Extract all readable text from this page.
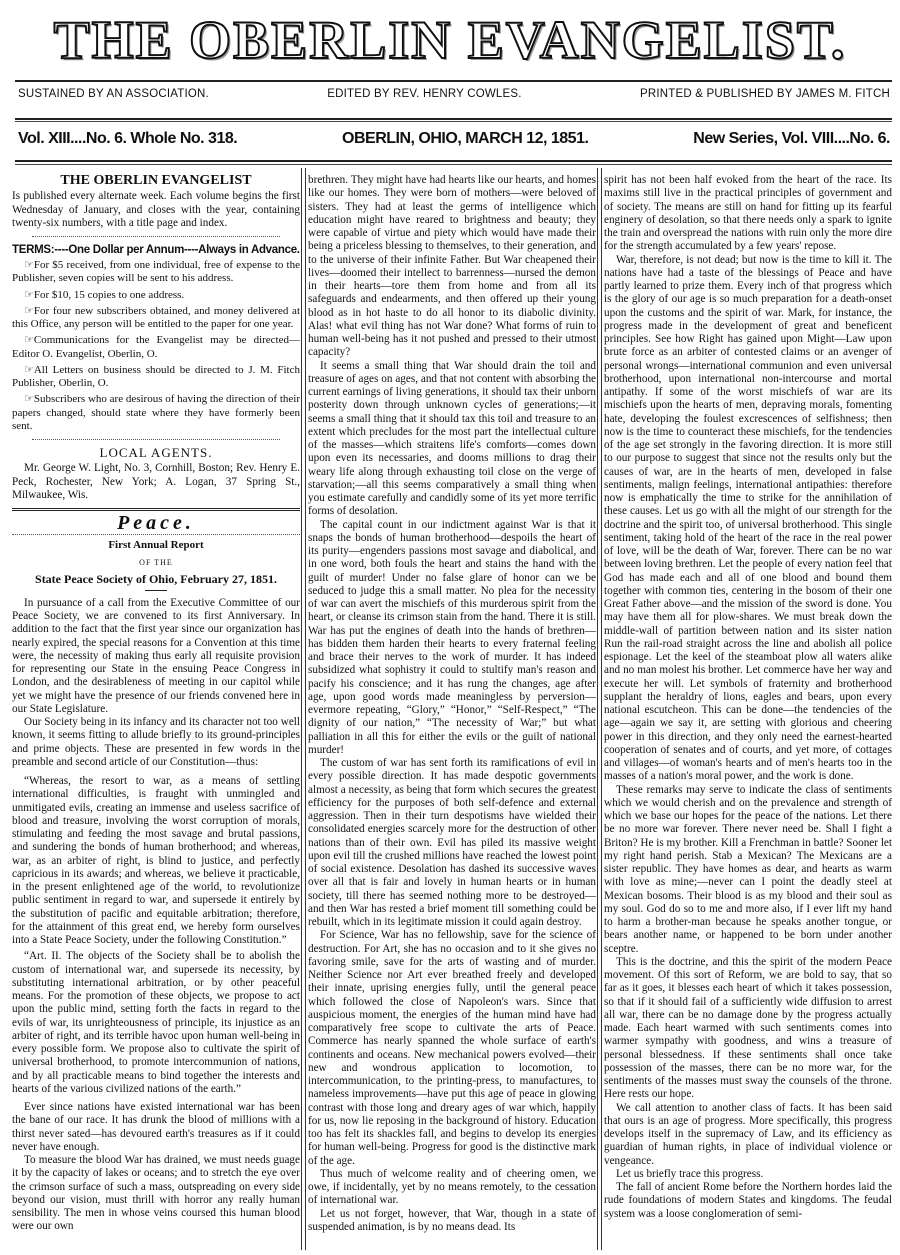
THE OBERLIN EVANGELIST.
SUSTAINED BY AN ASSOCIATION.	EDITED BY REV. HENRY COWLES.	PRINTED & PUBLISHED BY JAMES M. FITCH
Vol. XIII....No. 6. Whole No. 318.	OBERLIN, OHIO, MARCH 12, 1851.	New Series, Vol. VIII....No. 6.
THE OBERLIN EVANGELIST

Is published every alternate week. Each volume begins the first Wednesday of January, and closes with the year, containing twenty-six numbers, with a title page and index.

TERMS:----One Dollar per Annum----Always in Advance.

☞For $5 received, from one individual, free of expense to the Publisher, seven copies will be sent to his address.

☞For $10, 15 copies to one address.

☞For four new subscribers obtained, and money delivered at this Office, any person will be entitled to the paper for one year.

☞Communications for the Evangelist may be directed—Editor O. Evangelist, Oberlin, O.

☞All Letters on business should be directed to J. M. Fitch Publisher, Oberlin, O.

☞Subscribers who are desirous of having the direction of their papers changed, should state where they have formerly been sent.

LOCAL AGENTS.

Mr. George W. Light, No. 3, Cornhill, Boston; Rev. Henry E. Peck, Rochester, New York; A. Logan, 37 Spring St., Milwaukee, Wis.

Peace.
First Annual Report
OF THE
State Peace Society of Ohio, February 27, 1851.

In pursuance of a call from the Executive Committee of our Peace Society, we are convened to its first Anniversary. In addition to the fact that the first year since our organization has nearly expired, the special reasons for a Convention at this time were, the necessity of making thus early all requisite provision for representing our State in the ensuing Peace Congress in London, and the desirableness of meeting in our capitol while yet we might have the presence of our friends convened here in our State Legislature.

Our Society being in its infancy and its character not too well known, it seems fitting to allude briefly to its ground-principles and prime objects. These are presented in few words in the preamble and second article of our Constitution—thus:

“Whereas, the resort to war, as a means of settling international difficulties, is fraught with unmingled and unmitigated evils, creating an immense and useless sacrifice of blood and treasure, involving the worst corruption of morals, stimulating and feeding the most savage and brutal passions, and sundering the bonds of human brotherhood; and whereas, war, as an arbiter of right, is blind to justice, and perfectly capricious in its awards; and whereas, we believe it practicable, in the present enlightened age of the world, to revolutionize public sentiment in regard to war, and supersede it entirely by the substitution of pacific and equitable arbitration; therefore, for the attainment of this great end, we hereby form ourselves into a State Peace Society, under the following Constitution.”

“Art. II. The objects of the Society shall be to abolish the custom of international war, and supersede its necessity, by substituting international arbitration, or by other peaceful means. For the promotion of these objects, we propose to act upon the public mind, setting forth the facts in regard to the evils of war, its unrighteousness of principle, its injustice as an arbiter of right, and its terrible havoc upon human well-being in every possible form. We propose also to cultivate the spirit of universal brotherhood, to promote intercommunion of nations, and by all practicable means to bind together the interests and hearts of the various civilized nations of the earth.”

Ever since nations have existed international war has been the bane of our race. It has drunk the blood of millions with a thirst never sated—has devoured earth's treasures as if it could never have enough.

To measure the blood War has drained, we must needs guage it by the capacity of lakes or oceans; and to stretch the eye over the crimson surface of such a mass, outspreading on every side beyond our vision, must thrill with horror any really human sensibility. The men in whose veins coursed this human blood were our own

brethren. They might have had hearts like our hearts, and homes like our homes. They were born of mothers—were beloved of sisters. They had at least the germs of intelligence which education might have reared to brightness and beauty; they were capable of virtue and piety which would have made their being a priceless blessing to themselves, to their generation, and to the universe of their infinite Father. But War cheapened their lives—doomed their intellect to barrenness—nursed the demon in their hearts—tore them from home and from all its safeguards and endearments, and then offered up their young blood as in hot haste to do all honor to its diabolic divinity. Alas! what evil thing has not War done? What forms of ruin to human well-being has it not pushed and pressed to their utmost capacity?

It seems a small thing that War should drain the toil and treasure of ages on ages, and that not content with absorbing the current earnings of living generations, it should tax their unborn posterity down through unknown cycles of generations;—it seems a small thing that it should tax this toil and treasure to an extent which precludes for the most part the intellectual culture of the masses—which straitens life's comforts—comes down upon even its necessaries, and dooms millions to drag their weary life along through exhausting toil close on the verge of starvation;—all this seems comparatively a small thing when you estimate carefully and candidly some of its yet more terrific forms of desolation.

The capital count in our indictment against War is that it snaps the bonds of human brotherhood—despoils the heart of its purity—engenders passions most savage and diabolical, and in one word, both fouls the heart and stains the hand with the guilt of murder! Under no false glare of honor can we be seduced to judge this a small matter. No plea for the necessity of war can avert the mischiefs of this murderous spirit from the heart, or cleanse its crimson stain from the hand. There it is still. War has put the engines of death into the hands of brethren—has bidden them harden their hearts to every fraternal feeling and brace their nerves to the work of murder. It has indeed subsidized what sophistry it could to stultify man's reason and pacify his conscience; and it has rung the changes, age after age, upon good words made meaningless by perversion—evermore repeating, “Glory,” “Honor,” “Self-Respect,” “The dignity of our nation,” “The necessity of War;” but what palliation in all this for either the evils or the guilt of national murder!

The custom of war has sent forth its ramifications of evil in every possible direction. It has made despotic governments almost a necessity, as being that form which secures the greatest efficiency for the purposes of both self-defence and external aggression. Then in their turn despotisms have wielded their consolidated energies scarcely more for the destruction of other nations than of their own. Evil has piled its massive weight upon evil till the crushed millions have reached the lowest point of social existence. Desolation has dashed its successive waves over all that is fair and lovely in human hearts or in human society, till there has seemed nothing more to be destroyed—and then War has rested a brief moment till something could be rebuilt, which in its legitimate mission it could again destroy.

For Science, War has no fellowship, save for the science of destruction. For Art, she has no occasion and to it she gives no favoring smile, save for the arts of wasting and of murder. Neither Science nor Art ever breathed freely and developed their innate, uprising energies fully, until the general peace which followed the close of Napoleon's wars. Since that auspicious moment, the energies of the human mind have had comparatively free scope to cultivate the arts of Peace. Commerce has nearly spanned the whole surface of earth's continents and oceans. New mechanical powers evolved—their new and wondrous application to locomotion, to intercommunication, to the printing-press, to manufactures, to nameless improvements—have put this age of peace in glowing contrast with those long and dreary ages of war which, happily for us, now lie reposing in the background of history. Education too has felt its shackles fall, and begins to develop its energies for human well-being. Progress for good is the distinctive mark of the age.

Thus much of welcome reality and of cheering omen, we owe, if incidentally, yet by no means remotely, to the cessation of international war.

Let us not forget, however, that War, though in a state of suspended animation, is by no means dead. Its

spirit has not been half evoked from the heart of the race. Its maxims still live in the practical principles of government and of society. The means are still on hand for fitting up its fearful enginery of desolation, so that there needs only a spark to ignite the train and overspread the nations with ruin only the more dire for the strength accumulated by a few years' repose.

War, therefore, is not dead; but now is the time to kill it. The nations have had a taste of the blessings of Peace and have partly learned to prize them. Every inch of that progress which is the glory of our age is so much preparation for a death-onset upon the customs and the spirit of war. Mark, for instance, the progress made in the development of great and beneficent principles. See how Right has gained upon Might—Law upon brute force as an arbiter of contested claims or an avenger of personal wrongs—international communion and even universal brotherhood, upon international non-intercourse and mortal antipathy. If some of the worst mischiefs of war are its mischiefs upon the hearts of men, depraving morals, fomenting hate, developing the foulest excrescences of selfishness; then now is the time to counteract these mischiefs, for the tendencies of the age set strongly in the favoring direction. It is more still to our purpose to suggest that since not the results only but the causes of war, are in the hearts of men, developed in false sentiments, malign feelings, international antipathies: therefore now is emphatically the time to strike for the annihilation of these causes. Let us go with all the might of our strength for the doctrine and the spirit too, of universal brotherhood. This single sentiment, taking hold of the heart of the race in the real power of love, will be the death of War, forever. There can be no war between loving brethren. Let the people of every nation feel that God has made each and all of one blood and bound them together with common ties, centering in the bosom of their one Great Father above—and the mission of the sword is done. You may have them all for plow-shares. We must break down the middle-wall of partition between nation and its sister nation Run the rail-road straight across the line and abolish all police espionage. Let the keel of the steamboat plow all waters alike and no man molest his brother. Let commerce have her way and execute her will. Let symbols of fraternity and brotherhood supplant the heraldry of lions, eagles and bears, upon every national escutcheon. This can be done—the tendencies of the age—again we say it, are setting with glorious and cheering power in this direction, and they only need the earnest-hearted cooperation of senates and of courts, and yet more, of cottages and villages—of woman's hearts and of men's hearts too in the masses of a nation's moral power, and the work is done.

These remarks may serve to indicate the class of sentiments which we would cherish and on the prevalence and strength of which we base our hopes for the peace of the nations. Let there be no more war forever. There never need be. Shall I fight a Briton? He is my brother. Kill a Frenchman in battle? Sooner let my right hand perish. Stab a Mexican? The Mexicans are a sister republic. They have homes as dear, and hearts as warm with love as mine;—never can I point the deadly steel at Mexican bosoms. Their blood is as my blood and their soul as my soul. God do so to me and more also, if I ever lift my hand to harm a brother-man because he speaks another tongue, or bears another name, or happened to be born under another sceptre.

This is the doctrine, and this the spirit of the modern Peace movement. Of this sort of Reform, we are bold to say, that so far as it goes, it blesses each heart of which it takes possession, so that if it should fail of a sufficiently wide diffusion to arrest all war, there can be no damage done by the progress actually made. Each heart warmed with such sentiments comes into warmer sympathy with goodness, and wins a treasure of personal blessedness. If these sentiments shall once take possession of the masses, there can be no more war, for the sentiments of the masses must sway the counsels of the throne. Here rests our hope.

We call attention to another class of facts. It has been said that ours is an age of progress. More specifically, this progress develops itself in the supremacy of Law, and its efficiency as guardian of human rights, in place of individual violence or vengeance.

Let us briefly trace this progress.

The fall of ancient Rome before the Northern hordes laid the rude foundations of modern States and kingdoms. The feudal system was a loose conglomeration of semi-
